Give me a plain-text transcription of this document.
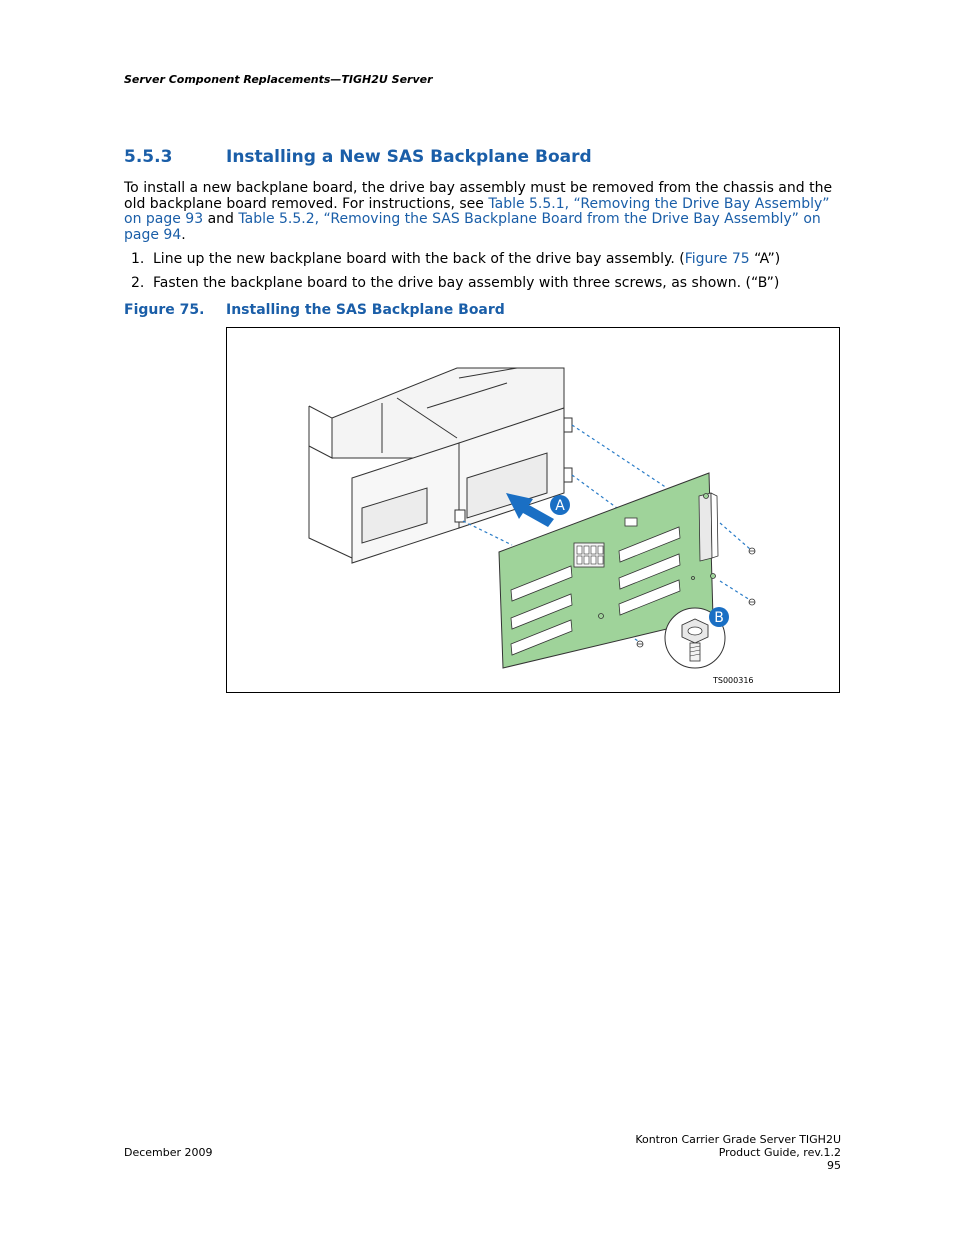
Server Component Replacements—TIGH2U Server
5.5.3	Installing a New SAS Backplane Board
To install a new backplane board, the drive bay assembly must be removed from the chassis and the old backplane board removed. For instructions, see Table 5.5.1, “Removing the Drive Bay Assembly” on page 93 and Table 5.5.2, “Removing the SAS Backplane Board from the Drive Bay Assembly” on page 94.
1. Line up the new backplane board with the back of the drive bay assembly. (Figure 75 “A”)
2. Fasten the backplane board to the drive bay assembly with three screws, as shown. (“B”)
Figure 75. Installing the SAS Backplane Board
A
B
TS000316
December 2009
Kontron Carrier Grade Server TIGH2U
Product Guide, rev.1.2
95
